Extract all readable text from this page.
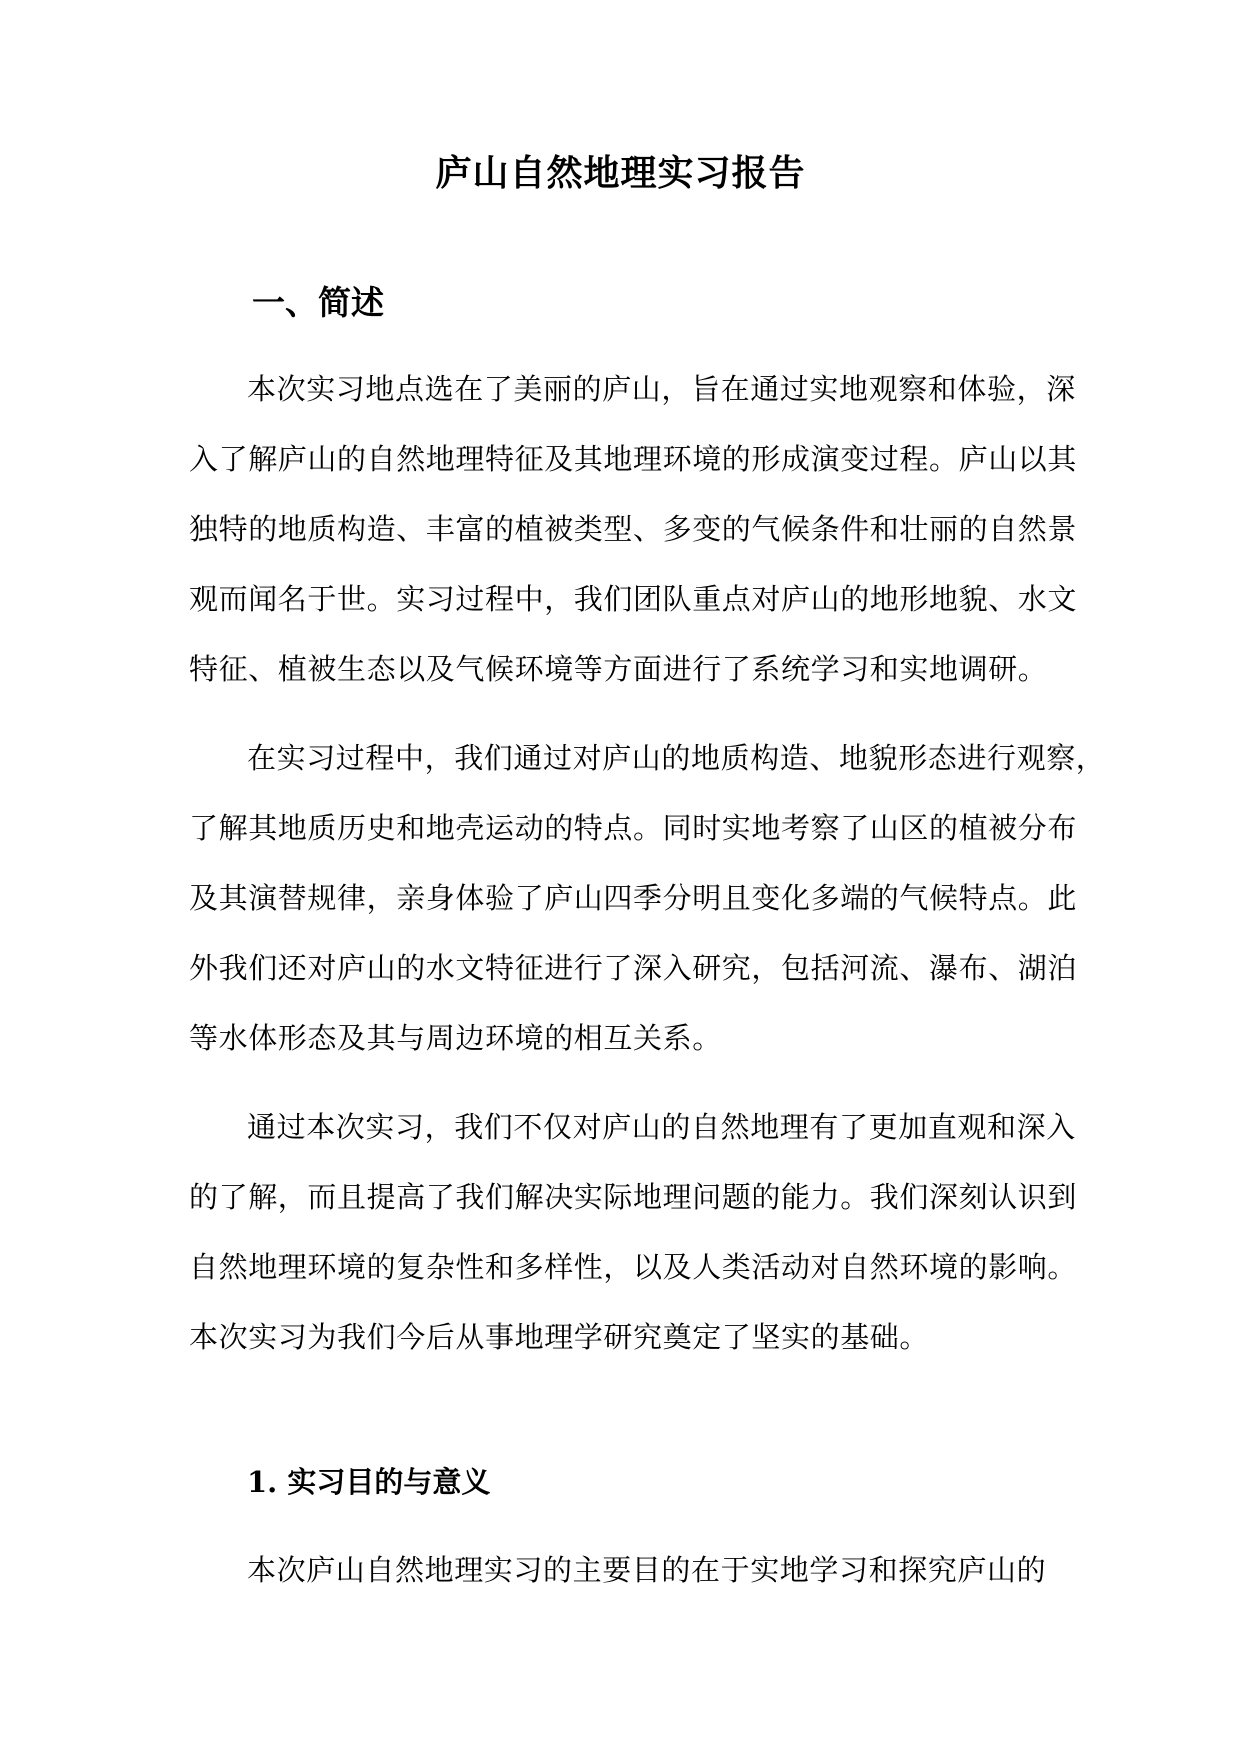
庐山自然地理实习报告
一、简述
本次实习地点选在了美丽的庐山，旨在通过实地观察和体验，深
入了解庐山的自然地理特征及其地理环境的形成演变过程。庐山以其
独特的地质构造、丰富的植被类型、多变的气候条件和壮丽的自然景
观而闻名于世。实习过程中，我们团队重点对庐山的地形地貌、水文
特征、植被生态以及气候环境等方面进行了系统学习和实地调研。
在实习过程中，我们通过对庐山的地质构造、地貌形态进行观察，
了解其地质历史和地壳运动的特点。同时实地考察了山区的植被分布
及其演替规律，亲身体验了庐山四季分明且变化多端的气候特点。此
外我们还对庐山的水文特征进行了深入研究，包括河流、瀑布、湖泊
等水体形态及其与周边环境的相互关系。
通过本次实习，我们不仅对庐山的自然地理有了更加直观和深入
的了解，而且提高了我们解决实际地理问题的能力。我们深刻认识到
自然地理环境的复杂性和多样性，以及人类活动对自然环境的影响。
本次实习为我们今后从事地理学研究奠定了坚实的基础。
1. 实习目的与意义
本次庐山自然地理实习的主要目的在于实地学习和探究庐山的
